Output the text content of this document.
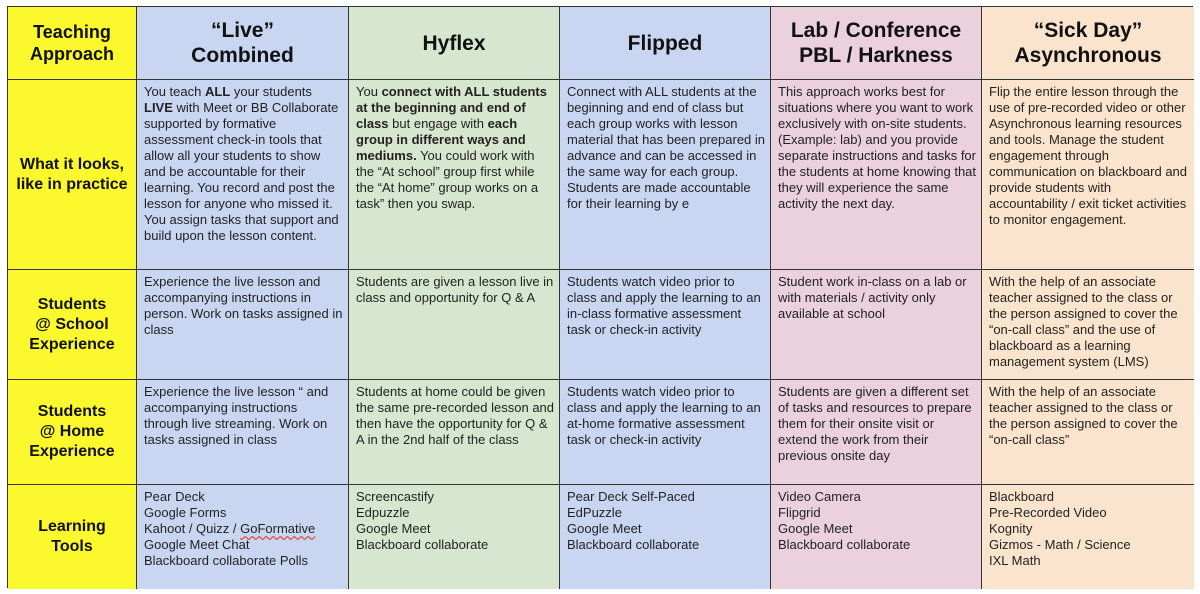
Teaching
Approach
“Live”
Combined
Hyflex	Flipped
Lab / Conference
PBL / Harkness
“Sick Day”
Asynchronous
What it looks,
like in practice
You teach ALL your students LIVE with Meet or BB Collaborate supported by formative assessment check-in tools that allow all your students to show and be accountable for their learning. You record and post the lesson for anyone who missed it. You assign tasks that support and build upon the lesson content.
You connect with ALL students at the beginning and end of class but engage with each group in different ways and mediums. You could work with the “At school” group first while the “At home” group works on a task” then you swap.
Connect with ALL students at the beginning and end of class but each group works with lesson material that has been prepared in advance and can be accessed in the same way for each group. Students are made accountable for their learning by e
This approach works best for situations where you want to work exclusively with on-site students. (Example: lab) and you provide separate instructions and tasks for the students at home knowing that they will experience the same activity the next day.
Flip the entire lesson through the use of pre-recorded video or other Asynchronous learning resources and tools. Manage the student engagement through communication on blackboard and provide students with accountability / exit ticket activities to monitor engagement.
Students
@ School
Experience
Experience the live lesson and accompanying instructions in person. Work on tasks assigned in class
Students are given a lesson live in class and opportunity for Q & A
Students watch video prior to class and apply the learning to an in-class formative assessment task or check-in activity
Student work in-class on a lab or with materials / activity only available at school
With the help of an associate teacher assigned to the class or the person assigned to cover the “on-call class” and the use of blackboard as a learning management system (LMS)
Students
@ Home
Experience
Experience the live lesson “ and accompanying instructions through live streaming. Work on tasks assigned in class
Students at home could be given the same pre-recorded lesson and then have the opportunity for Q & A in the 2nd half of the class
Students watch video prior to class and apply the learning to an at-home formative assessment task or check-in activity
Students are given a different set of tasks and resources to prepare them for their onsite visit or extend the work from their previous onsite day
With the help of an associate teacher assigned to the class or the person assigned to cover the “on-call class”
Learning
Tools
Pear Deck
Google Forms
Kahoot / Quizz / GoFormative
Google Meet Chat
Blackboard collaborate Polls
Screencastify
Edpuzzle
Google Meet
Blackboard collaborate
Pear Deck Self-Paced
EdPuzzle
Google Meet
Blackboard collaborate
Video Camera
Flipgrid
Google Meet
Blackboard collaborate
Blackboard
Pre-Recorded Video
Kognity
Gizmos - Math / Science
IXL Math
